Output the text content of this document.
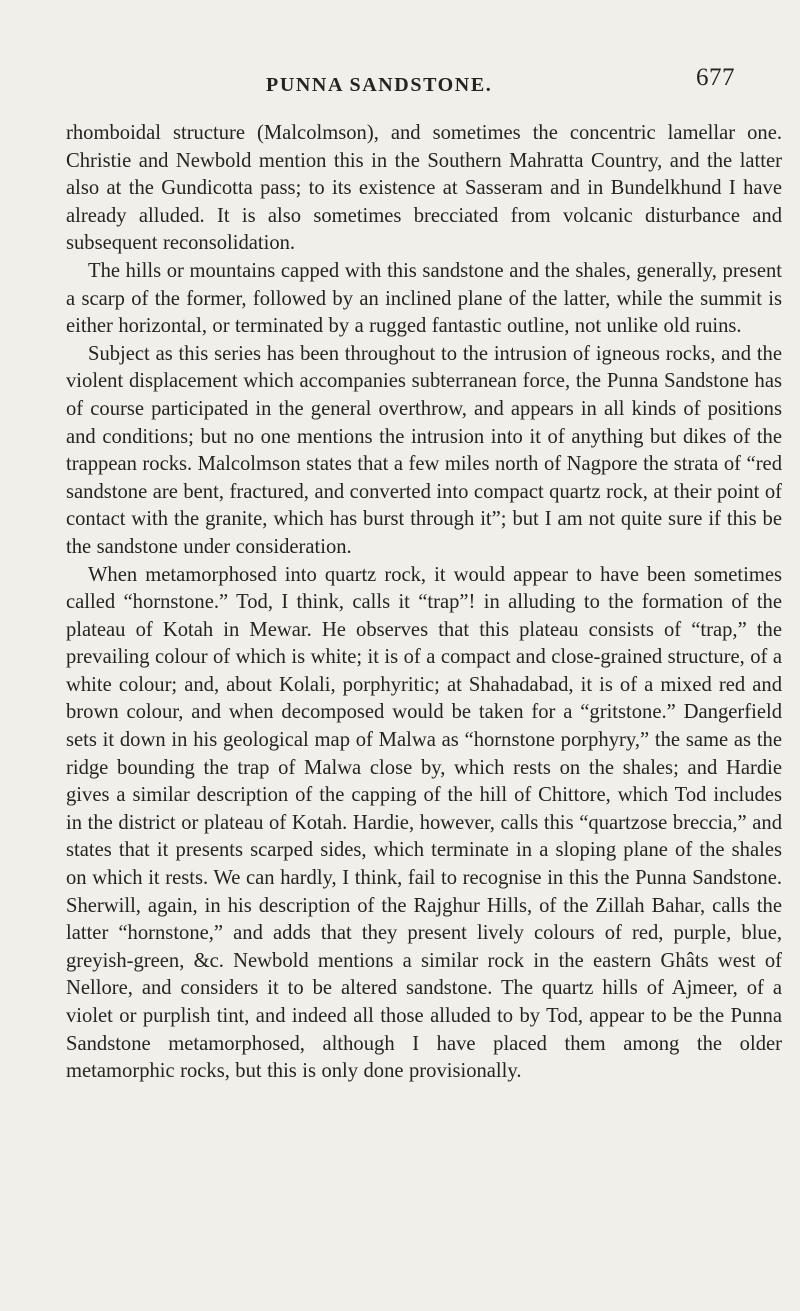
PUNNA SANDSTONE.	677

rhomboidal structure (Malcolmson), and sometimes the concentric lamellar one. Christie and Newbold mention this in the Southern Mahratta Country, and the latter also at the Gundicotta pass; to its existence at Sasseram and in Bundelkhund I have already alluded. It is also sometimes brecciated from volcanic disturbance and subsequent reconsolidation.

The hills or mountains capped with this sandstone and the shales, generally, present a scarp of the former, followed by an inclined plane of the latter, while the summit is either horizontal, or terminated by a rugged fantastic outline, not unlike old ruins.

Subject as this series has been throughout to the intrusion of igneous rocks, and the violent displacement which accompanies subterranean force, the Punna Sandstone has of course participated in the general overthrow, and appears in all kinds of positions and conditions; but no one mentions the intrusion into it of anything but dikes of the trappean rocks. Malcolmson states that a few miles north of Nagpore the strata of “red sandstone are bent, fractured, and converted into compact quartz rock, at their point of contact with the granite, which has burst through it”; but I am not quite sure if this be the sandstone under consideration.

When metamorphosed into quartz rock, it would appear to have been sometimes called “hornstone.” Tod, I think, calls it “trap”! in alluding to the formation of the plateau of Kotah in Mewar. He observes that this plateau consists of “trap,” the prevailing colour of which is white; it is of a compact and close-grained structure, of a white colour; and, about Kolali, porphyritic; at Shahadabad, it is of a mixed red and brown colour, and when decomposed would be taken for a “gritstone.” Dangerfield sets it down in his geological map of Malwa as “hornstone porphyry,” the same as the ridge bounding the trap of Malwa close by, which rests on the shales; and Hardie gives a similar description of the capping of the hill of Chittore, which Tod includes in the district or plateau of Kotah. Hardie, however, calls this “quartzose breccia,” and states that it presents scarped sides, which terminate in a sloping plane of the shales on which it rests. We can hardly, I think, fail to recognise in this the Punna Sandstone. Sherwill, again, in his description of the Rajghur Hills, of the Zillah Bahar, calls the latter “hornstone,” and adds that they present lively colours of red, purple, blue, greyish-green, &c. Newbold mentions a similar rock in the eastern Ghâts west of Nellore, and considers it to be altered sandstone. The quartz hills of Ajmeer, of a violet or purplish tint, and indeed all those alluded to by Tod, appear to be the Punna Sandstone metamorphosed, although I have placed them among the older metamorphic rocks, but this is only done provisionally.
